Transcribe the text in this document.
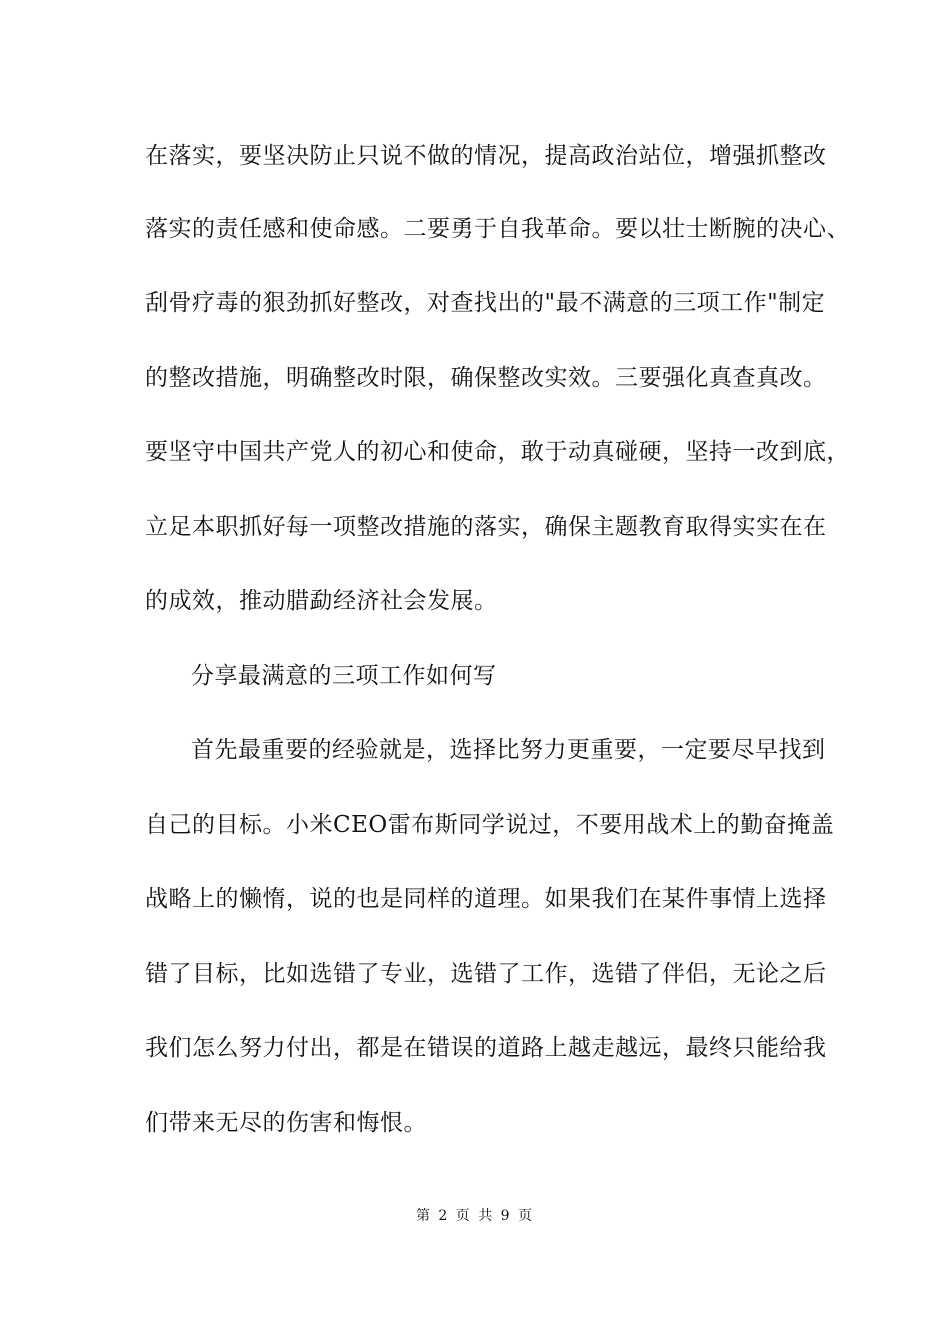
在落实，要坚决防止只说不做的情况，提高政治站位，增强抓整改
落实的责任感和使命感。二要勇于自我革命。要以壮士断腕的决心、
刮骨疗毒的狠劲抓好整改，对查找出的"最不满意的三项工作"制定
的整改措施，明确整改时限，确保整改实效。三要强化真查真改。
要坚守中国共产党人的初心和使命，敢于动真碰硬，坚持一改到底，
立足本职抓好每一项整改措施的落实，确保主题教育取得实实在在
的成效，推动腊勐经济社会发展。
分享最满意的三项工作如何写
首先最重要的经验就是，选择比努力更重要，一定要尽早找到
自己的目标。小米CEO雷布斯同学说过，不要用战术上的勤奋掩盖
战略上的懒惰，说的也是同样的道理。如果我们在某件事情上选择
错了目标，比如选错了专业，选错了工作，选错了伴侣，无论之后
我们怎么努力付出，都是在错误的道路上越走越远，最终只能给我
们带来无尽的伤害和悔恨。
第 2 页 共 9 页
